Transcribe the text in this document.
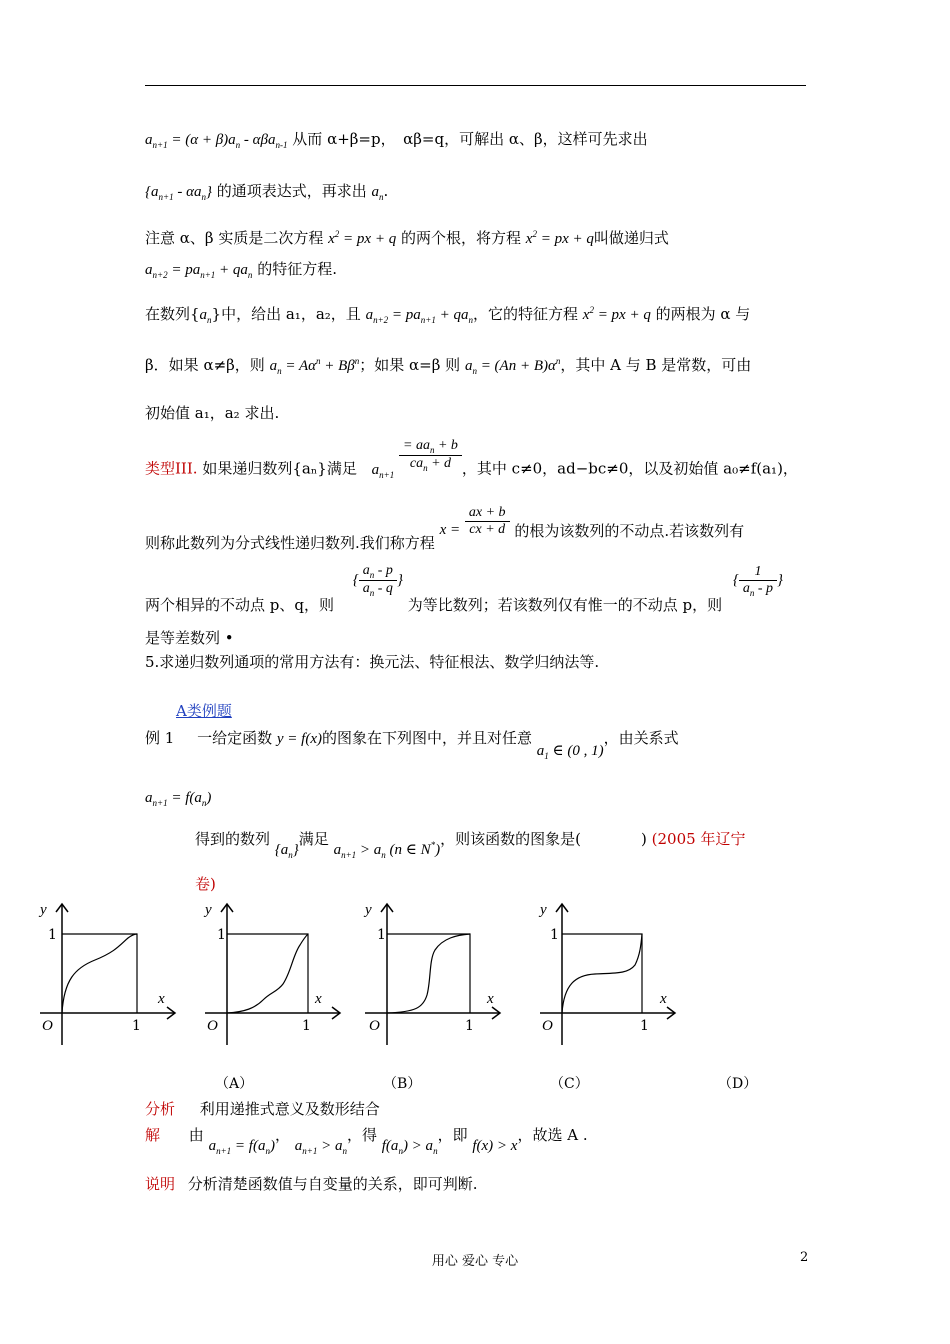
$a_{n+1} = (\alpha + \beta)a_n - \alpha\beta a_{n-1}$ 从而 α+β=p，　αβ=q，可解出 α、β，这样可先求出
$\{a_{n+1} - \alpha a_n\}$ 的通项表达式，再求出 $a_n$.
注意 α、β 实质是二次方程 $x^2$ = px + q 的两个根，将方程 $x^2$ = px + q叫做递归式
$a_{n+2} = pa_{n+1} + qa_n$ 的特征方程.
在数列$\{a_n\}$中，给出 a₁，a₂，且 $a_{n+2} = pa_{n+1} + qa_n$，它的特征方程 $x^2$ = px + q 的两根为 α 与
β．如果 α≠β，则 $a_n = A\alpha^n + B\beta^n$；如果 α=β 则 $a_n = (An + B)\alpha^n$，其中 A 与 B 是常数，可由
初始值 a₁，a₂ 求出.
类型III. 如果递归数列{aₙ}满足 $a_{n+1}$
$\frac{= aa_n + b}{ca_n + d}$ ，其中 c≠0，ad−bc≠0，以及初始值 a₀≠f(a₁)，
则称此数列为分式线性递归数列.我们称方程 $x = \frac{ax + b}{cx + d}$ 的根为该数列的不动点.若该数列有
两个相异的不动点 p、q，则 { $\frac{a_n - p}{a_n - q}$ } 为等比数列；若该数列仅有惟一的不动点 p，则 { $\frac{1}{a_n - p}$ }
是等差数列 •
5.求递归数列通项的常用方法有：换元法、特征根法、数学归纳法等.
A类例题
例 1 一给定函数 y = f(x)的图象在下列图中，并且对任意 $a_1$ ∈ (0 , 1)，由关系式
$a_{n+1} = f(a_n)$
得到的数列 $\{a_n\}$满足 $a_{n+1} > a_n$ (n ∈ N*)，则该函数的图象是(　　　　) (2005 年辽宁
卷)
y
1
x
O	1
y
1
x
O	1
y
1
x
O	1
y
1
x
O	1
（A）	（B）	（C）	（D）
分析 利用递推式意义及数形结合
解 由 $a_{n+1} = f(a_n)$， $a_{n+1} > a_n$，得 $f(a_n) > a_n$，即 f(x) > x，故选 A .
说明 分析清楚函数值与自变量的关系，即可判断.
用心 爱心 专心	2
